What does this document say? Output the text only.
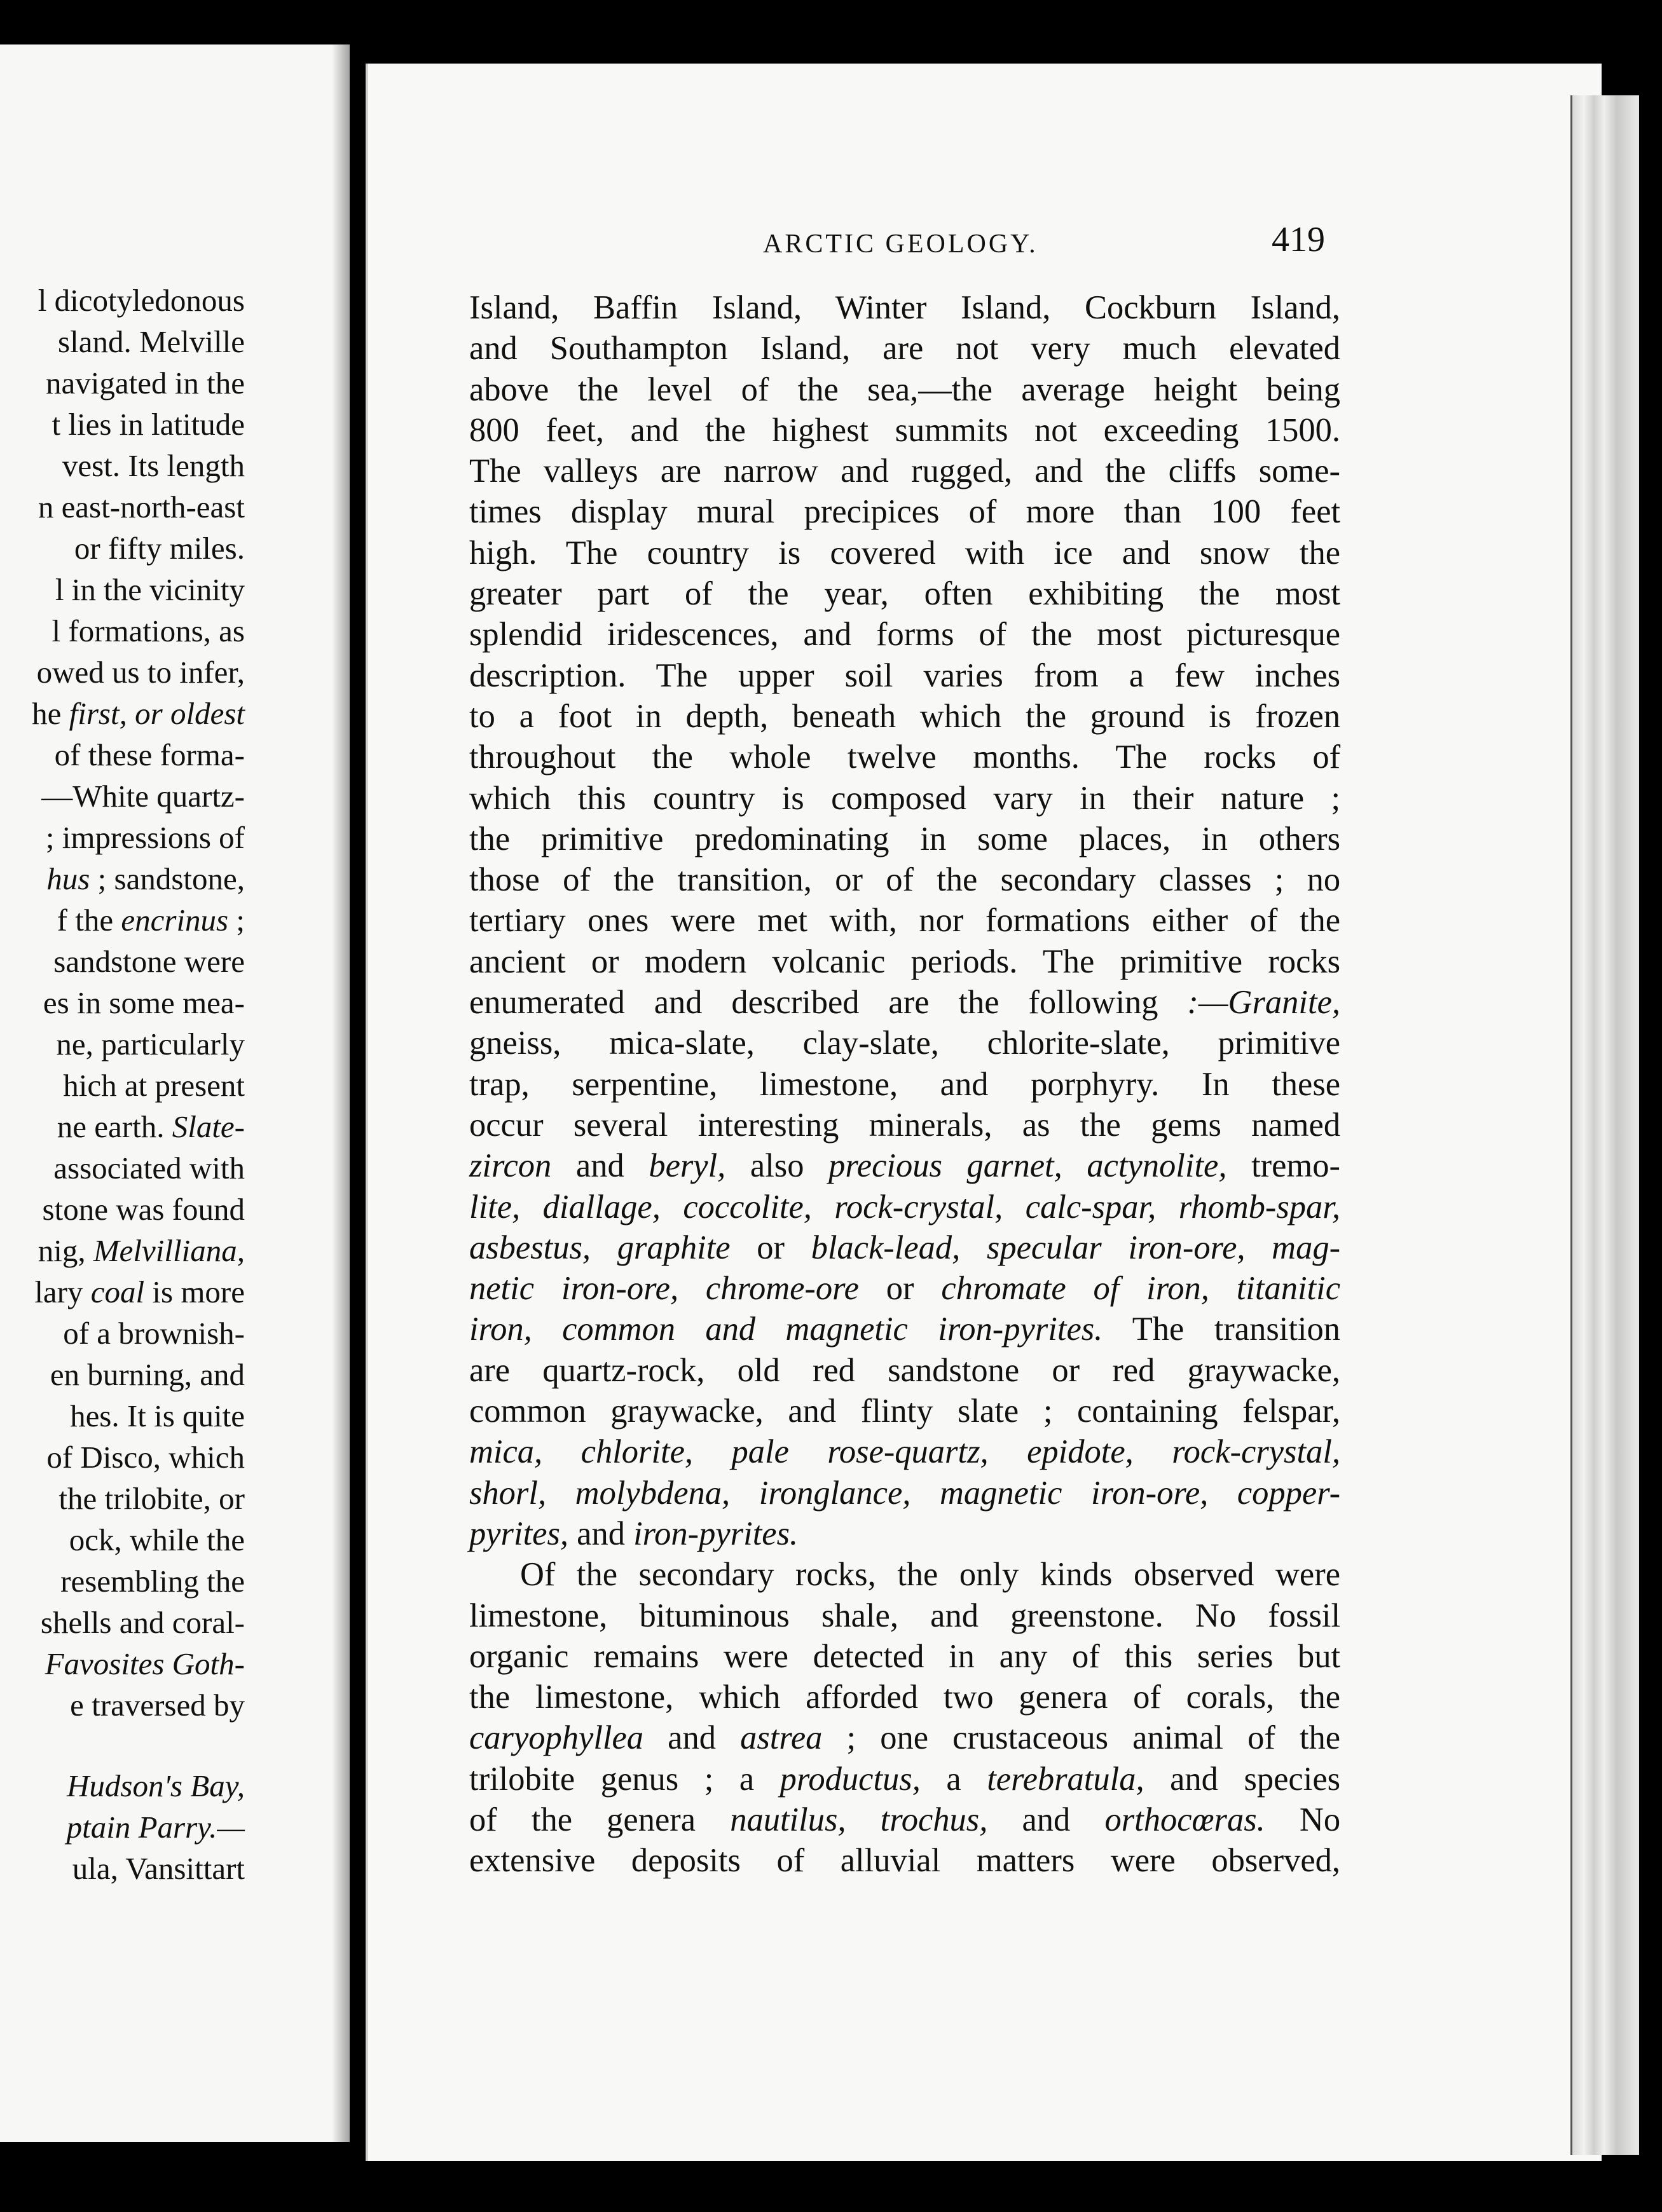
l dicotyledonous
sland. Melville
navigated in the
t lies in latitude
vest. Its length
n east-north-east
or fifty miles.
l in the vicinity
l formations, as
owed us to infer,
he first, or oldest
of these forma-
—White quartz-
; impressions of
hus ; sandstone,
f the encrinus ;
sandstone were
es in some mea-
ne, particularly
hich at present
ne earth. Slate-
associated with
stone was found
nig, Melvilliana,
lary coal is more
of a brownish-
en burning, and
hes. It is quite
of Disco, which
the trilobite, or
ock, while the
resembling the
shells and coral-
Favosites Goth-
e traversed by
Hudson's Bay,
ptain Parry.—
ula, Vansittart
ARCTIC GEOLOGY.	419
Island, Baffin Island, Winter Island, Cockburn Island,
and Southampton Island, are not very much elevated
above the level of the sea,—the average height being
800 feet, and the highest summits not exceeding 1500.
The valleys are narrow and rugged, and the cliffs some-
times display mural precipices of more than 100 feet
high. The country is covered with ice and snow the
greater part of the year, often exhibiting the most
splendid iridescences, and forms of the most picturesque
description. The upper soil varies from a few inches
to a foot in depth, beneath which the ground is frozen
throughout the whole twelve months. The rocks of
which this country is composed vary in their nature ;
the primitive predominating in some places, in others
those of the transition, or of the secondary classes ; no
tertiary ones were met with, nor formations either of the
ancient or modern volcanic periods. The primitive rocks
enumerated and described are the following :—Granite,
gneiss, mica-slate, clay-slate, chlorite-slate, primitive
trap, serpentine, limestone, and porphyry. In these
occur several interesting minerals, as the gems named
zircon and beryl, also precious garnet, actynolite, tremo-
lite, diallage, coccolite, rock-crystal, calc-spar, rhomb-spar,
asbestus, graphite or black-lead, specular iron-ore, mag-
netic iron-ore, chrome-ore or chromate of iron, titanitic
iron, common and magnetic iron-pyrites. The transition
are quartz-rock, old red sandstone or red graywacke,
common graywacke, and flinty slate ; containing felspar,
mica, chlorite, pale rose-quartz, epidote, rock-crystal,
shorl, molybdena, ironglance, magnetic iron-ore, copper-
pyrites, and iron-pyrites.
Of the secondary rocks, the only kinds observed were
limestone, bituminous shale, and greenstone. No fossil
organic remains were detected in any of this series but
the limestone, which afforded two genera of corals, the
caryophyllea and astrea ; one crustaceous animal of the
trilobite genus ; a productus, a terebratula, and species
of the genera nautilus, trochus, and orthocœras. No
extensive deposits of alluvial matters were observed,
